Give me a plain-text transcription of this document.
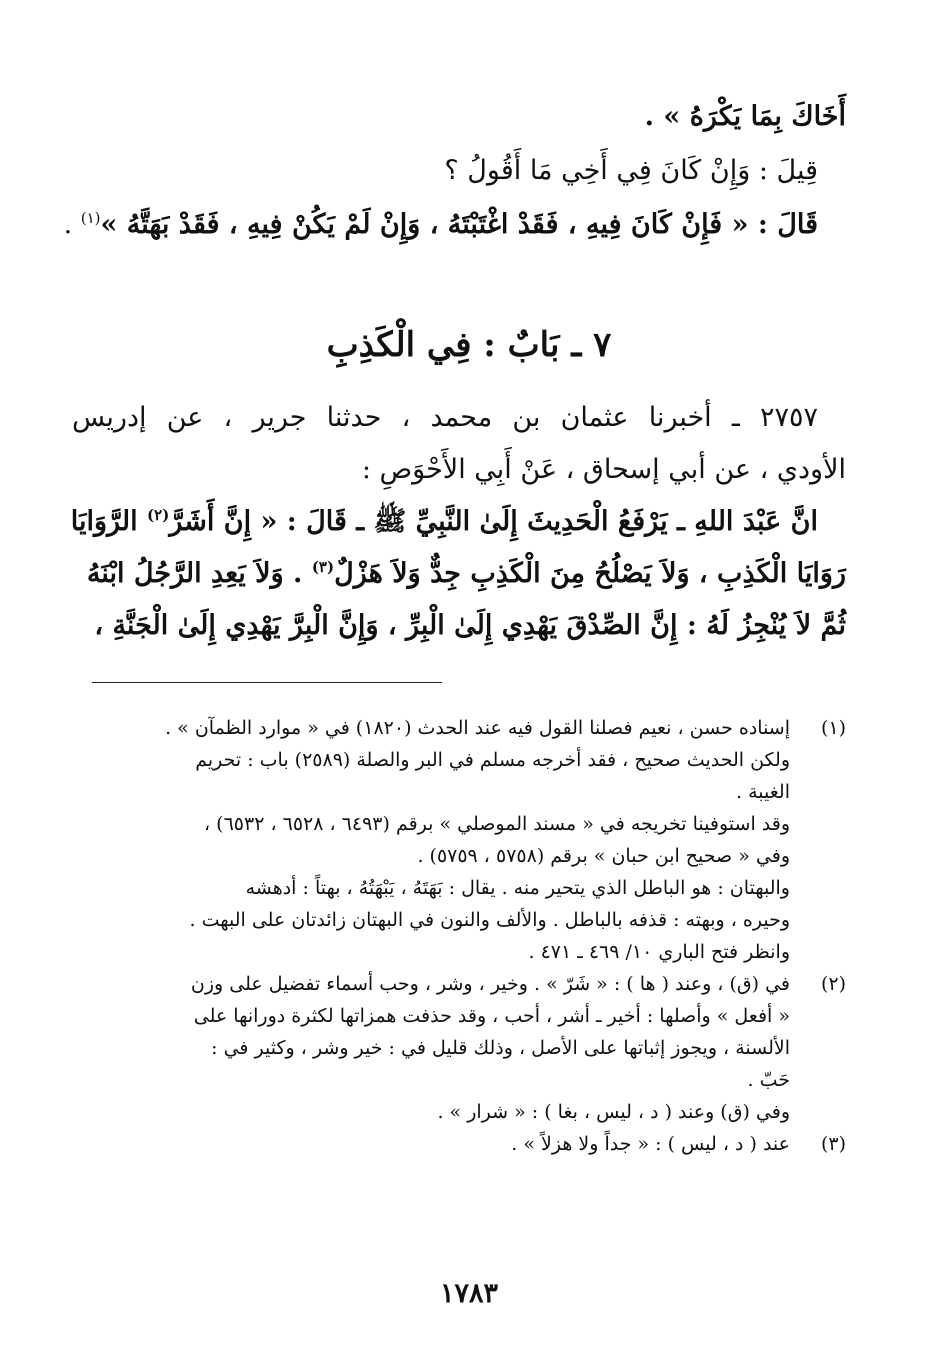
أَخَاكَ بِمَا يَكْرَهُ » .
قِيلَ : وَإِنْ كَانَ فِي أَخِي مَا أَقُولُ ؟
قَالَ : « فَإِنْ كَانَ فِيهِ ، فَقَدْ اغْتَبْتَهُ ، وَإِنْ لَمْ يَكُنْ فِيهِ ، فَقَدْ بَهَتَّهُ »$^{(١)}$ .
٧ ـ بَابٌ : فِي الْكَذِبِ
٢٧٥٧ ـ أخبرنا عثمان بن محمد ، حدثنا جرير ، عن إدريس
الأودي ، عن أبي إسحاق ، عَنْ أَبِي الأَحْوَصِ :
انَّ عَبْدَ اللهِ ـ يَرْفَعُ الْحَدِيثَ إِلَىٰ النَّبِيِّ ﷺ ـ قَالَ : « إِنَّ أَشَرَّ$^{(٢)}$ الرَّوَايَا
رَوَايَا الْكَذِبِ ، وَلاَ يَصْلُحُ مِنَ الْكَذِبِ جِدٌّ وَلاَ هَزْلٌ$^{(٣)}$ . وَلاَ يَعِدِ الرَّجُلُ ابْنَهُ
ثُمَّ لاَ يُنْجِزُ لَهُ : إِنَّ الصِّدْقَ يَهْدِي إِلَىٰ الْبِرِّ ، وَإِنَّ الْبِرَّ يَهْدِي إِلَىٰ الْجَنَّةِ ،
(١)
إسناده حسن ، نعيم فصلنا القول فيه عند الحدث (١٨٢٠) في « موارد الظمآن » .
ولكن الحديث صحيح ، فقد أخرجه مسلم في البر والصلة (٢٥٨٩) باب : تحريم
الغيبة .
وقد استوفينا تخريجه في « مسند الموصلي » برقم (٦٤٩٣ ، ٦٥٢٨ ، ٦٥٣٢) ،
وفي « صحيح ابن حبان » برقم (٥٧٥٨ ، ٥٧٥٩) .
والبهتان : هو الباطل الذي يتحير منه . يقال : بَهَتَهُ ، يَبْهَتُهُ ، بهتاً : أدهشه
وحيره ، وبهته : قذفه بالباطل . والألف والنون في البهتان زائدتان على البهت .
وانظر فتح الباري ١٠/ ٤٦٩ ـ ٤٧١ .
(٢)
في (ق) ، وعند ( ها ) : « شَرّ » . وخير ، وشر ، وحب أسماء تفضيل على وزن
« أفعل » وأصلها : أخير ـ أشر ، أحب ، وقد حذفت همزاتها لكثرة دورانها على
الألسنة ، ويجوز إثباتها على الأصل ، وذلك قليل في : خير وشر ، وكثير في :
حَبّ .
وفي (ق) وعند ( د ، ليس ، بغا ) : « شرار » .
(٣)
عند ( د ، ليس ) : « جداً ولا هزلاً » .
١٧٨٣
